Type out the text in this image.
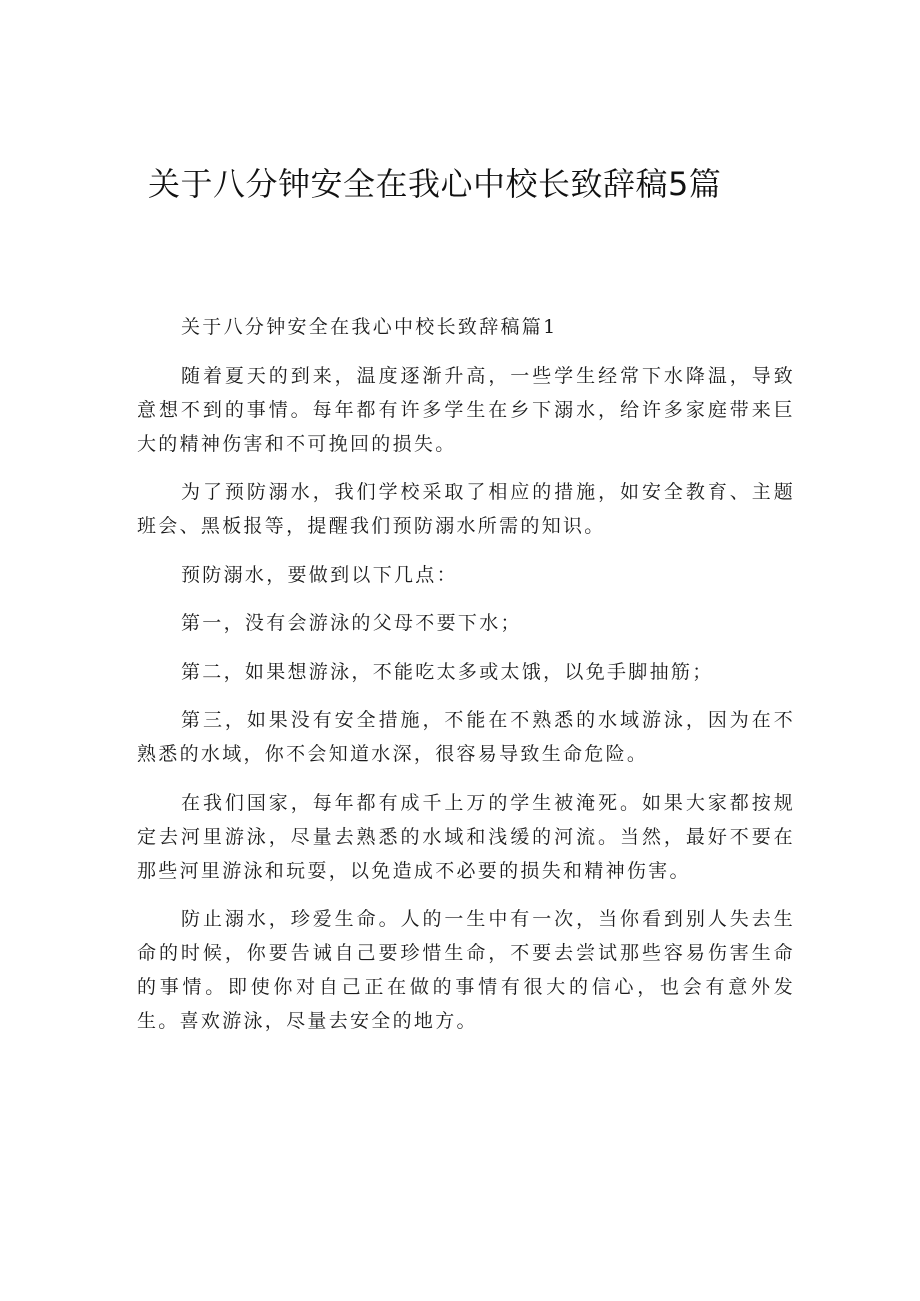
关于八分钟安全在我心中校长致辞稿5篇

关于八分钟安全在我心中校长致辞稿篇1

随着夏天的到来，温度逐渐升高，一些学生经常下水降温，导致意想不到的事情。每年都有许多学生在乡下溺水，给许多家庭带来巨大的精神伤害和不可挽回的损失。

为了预防溺水，我们学校采取了相应的措施，如安全教育、主题班会、黑板报等，提醒我们预防溺水所需的知识。

预防溺水，要做到以下几点：

第一，没有会游泳的父母不要下水；

第二，如果想游泳，不能吃太多或太饿，以免手脚抽筋；

第三，如果没有安全措施，不能在不熟悉的水域游泳，因为在不熟悉的水域，你不会知道水深，很容易导致生命危险。

在我们国家，每年都有成千上万的学生被淹死。如果大家都按规定去河里游泳，尽量去熟悉的水域和浅缓的河流。当然，最好不要在那些河里游泳和玩耍，以免造成不必要的损失和精神伤害。

防止溺水，珍爱生命。人的一生中有一次，当你看到别人失去生命的时候，你要告诫自己要珍惜生命，不要去尝试那些容易伤害生命的事情。即使你对自己正在做的事情有很大的信心，也会有意外发生。喜欢游泳，尽量去安全的地方。
